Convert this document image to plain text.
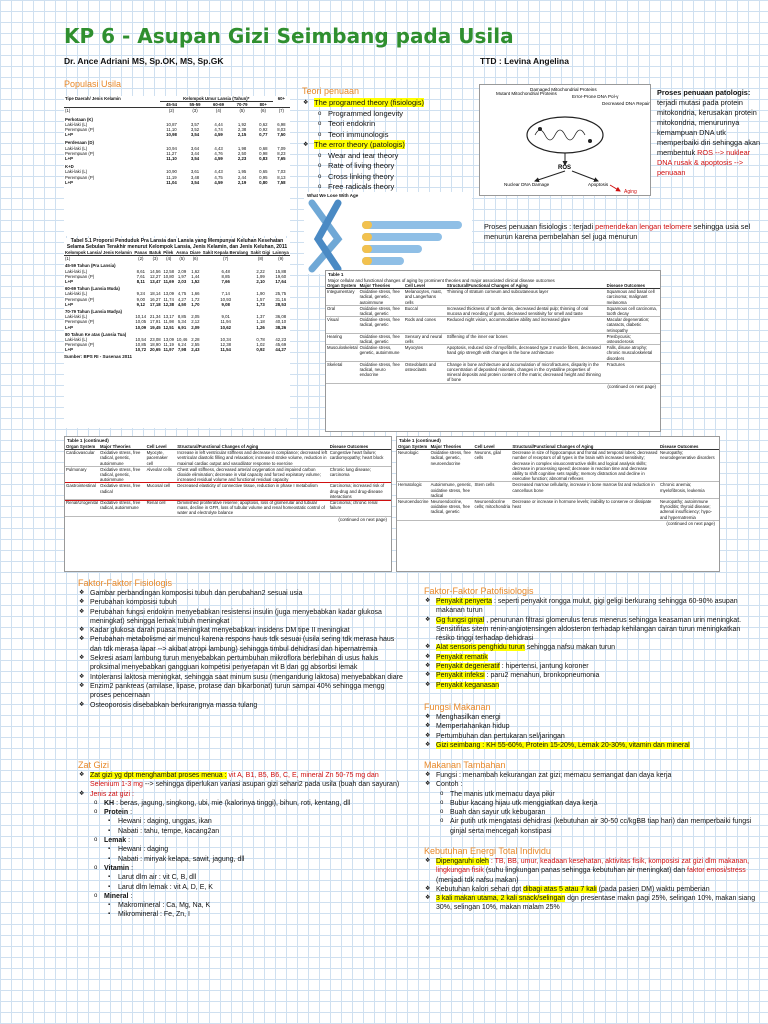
KP 6 - Asupan Gizi Seimbang pada Usila
Dr. Ance Adriani MS, Sp.OK, MS, Sp.GK	TTD : Levina Angelina
Populasi Usila
Tipe Daerah/ Jenis Kelamin	Kelompok Umur Lansia (Tahun)*					60+
	45-54	55-59	60-69	70-79	80+	
(1)	(2)	(3)	(4)	(5)	(6)	(7)
Perkotaan (K)						
Laki-laki (L)	10,87	3,57	4,44	1,92	0,62	6,98
Perempuan (P)	11,10	3,52	4,74	2,38	0,92	8,03
L+P	10,98	3,54	4,59	2,15	0,77	7,50
Perdesaan (D)						
Laki-laki (L)	10,94	3,64	4,43	1,98	0,68	7,09
Perempuan (P)	11,27	3,44	4,76	2,50	0,98	8,23
L+P	11,10	3,54	4,59	2,23	0,83	7,65
K+D						
Laki-laki (L)	10,90	3,61	4,43	1,95	0,65	7,03
Perempuan (P)	11,19	3,48	4,75	2,44	0,95	8,13
L+P	11,04	3,54	4,59	2,19	0,80	7,58
Tabel 5.1 Proporsi Penduduk Pra Lansia dan Lansia yang Mempunyai Keluhan Kesehatan Selama Sebulan Terakhir menurut Kelompok Lansia, Jenis Kelamin, dan Jenis Keluhan, 2011
Kelompok Lansia/ Jenis Kelamin	Panas	Batuk	Pilek	Asma	Diare	Sakit Kepala Berulang	Sakit Gigi	Lainnya
(1)	(2)	(3)	(4)	(5)	(6)	(7)	(8)	(9)
45-59 Tahun (Pra Lansia)								
Laki-laki (L)	8,61	14,56	12,58	2,09	1,62	6,48	2,22	15,88
Perempuan (P)	7,61	12,27	10,80	1,97	1,44	8,85	1,99	19,60
L+P	8,11	13,47	11,69	2,03	1,52	7,66	2,10	17,64
60-69 Tahun (Lansia Muda)								
Laki-laki (L)	9,24	18,14	13,09	4,75	1,66	7,14	1,90	25,75
Perempuan (P)	9,00	16,27	11,74	4,27	1,72	10,93	1,57	31,16
L+P	9,12	17,18	12,38	4,50	1,70	9,08	1,73	28,53
70-79 Tahun (Lansia Madya)								
Laki-laki (L)	10,14	21,34	13,17	8,85	2,05	9,01	1,37	36,08
Perempuan (P)	10,05	17,91	11,98	5,34	2,12	11,94	1,18	40,10
L+P	10,09	19,45	12,51	6,91	2,09	10,62	1,26	38,26
80 Tahun Ke atas (Lansia Tua)								
Laki-laki (L)	10,54	23,08	13,09	10,46	2,28	10,34	0,78	42,23
Perempuan (P)	10,85	18,90	11,19	6,24	2,55	12,38	1,02	45,69
L+P	10,72	20,65	11,97	7,98	2,43	11,54	0,92	44,27
Sumber: BPS RI - Susenas 2011
Teori penuaan
❖ The programed theory (fisiologis)
o Programmed longevity
o Teori endokrin
o Teori immunologis
❖ The error theory (patologis)
o Wear and tear theory
o Rate of living theory
o Cross linking theory
o Free radicals theory
What We Lose With Age
Mutant Mitochondrial Proteins
Damaged Mitochondrial Proteins
Error-Prone DNA Pol-γ
Decreased DNA Repair
ROS
Nuclear DNA Damage	Apoptosis
Aging
Proses penuaan patologis: terjadi mutasi pada protein mitokondria, kerusakan protein mitokondria, menurunnya kemampuan DNA utk memperbaiki diri sehingga akan membentuk ROS --> nuklear DNA rusak & apoptosis --> penuaan
Proses penuaan fisiologis : terjadi pemendekan lengan telomere sehingga usia sel menurun karena pembelahan sel juga menurun
Table 1
Major cellular and functional changes of aging by prominent theories and major associated clinical disease outcomes
Organ System	Major Theories	Cell Level	Structural/Functional Changes of Aging	Disease Outcomes
Integumentary	Oxidative stress, free radical, genetic, autoimmune	Melanocytes, mast, and Langerhans cells	Thinning of stratum corneum and subcutaneous layer	Squamous and basal cell carcinoma; malignant melanoma
Oral	Oxidative stress, free radical, genetic	Buccal	Increased thickness of tooth dentin, decreased dental pulp; thinning of oral mucosa and receding of gums, decreased sensitivity for smell and taste	Squamous cell carcinoma, tooth decay
Visual	Oxidative stress, free radical, genetic	Rods and cones	Reduced night vision, accommodative ability and increased glare	Macular degeneration; cataracts, diabetic retinopathy
Hearing	Oxidative stress, free radical, genetic	Sensory and neural cells	Stiffening of the inner ear bones	Presbycusis; osteosclerosis
Musculoskeletal	Oxidative stress, genetic, autoimmune	Myocytes	Apoptosis, reduced size of myofibrils, decreased type 2 muscle fibers, decreased hand grip strength with changes in the bone architecture	Falls, disuse atrophy; chronic musculoskeletal disorders
Skeletal	Oxidative stress, free radical, neuro endocrine	Osteoblasts and osteoclasts	Change in bone architecture and accumulation of microfractures, disparity in the concentration of deposited minerals, changes in the crystalline properties of mineral deposits and protein content of the matrix; decreased height and thinning of bone	Fractures
(continued on next page)
Table 1 (continued)
Organ System	Major Theories	Cell Level	Structural/Functional Changes of Aging	Disease Outcomes
Cardiovascular	Oxidative stress, free radical, genetic, autoimmune	Myocyte, pacemaker cell	Increase in left ventricular stiffness and decrease in compliance; decreased left ventricular diastolic filling and relaxation; increased stroke volume, reduction in maximal cardiac output and vasodilator response to exercise	Congestive heart failure; cardiomyopathy; heart block
Pulmonary	Oxidative stress, free radical, genetic, autoimmune	Alveolar cells	Chest wall stiffness, decreased arterial oxygenation and impaired carbon dioxide elimination; decrease in vital capacity and forced expiratory volume; increased residual volume and functional residual capacity	Chronic lung disease; carcinoma
Gastrointestinal	Oxidative stress, free radical	Mucosal cell	Decreased elasticity of connective tissue, reduction in phase I metabolism	Carcinoma; increased risk of drug-drug and drug-disease interactions
Renal/Urogenital	Oxidative stress, free radical, autoimmune	Renal cell	Diminished proliferative reserve; apoptosis, loss of glomerular and tubular mass, decline in GFR, loss of tubular volume and renal homeostatic control of water and electrolyte balance	Carcinoma; chronic renal failure
(continued on next page)
Table 1 (continued)
Organ System	Major Theories	Cell Level	Structural/Functional Changes of Aging	Disease Outcomes
Neurologic	Oxidative stress, free radical, genetic, neuroendocrine	Neurons, glial cells	Decrease in size of hippocampus and frontal and temporal lobes; decreased number of receptors of all types in the brain with increased sensitivity; decrease in complex visuoconstructive skills and logical analysis skills; decrease in processing speed; decrease in reaction time and decrease ability to shift cognitive sets rapidly; memory distraction and decline in executive function; abnormal reflexes	Neuropathy; neurodegenerative disorders
Hematologic	Autoimmune, genetic, oxidative stress, free radical	Stem cells	Decreased marrow cellularity, increase in bone marrow fat and reduction in cancellous bone	Chronic anemia; myelofibrosis, leukemia
Neuroendocrine	Neuroendocrine, oxidative stress, free radical, genetic	Neuroendocrine cells; mitochondria	Decrease or increase in hormone levels; inability to conserve or dissipate heat	Neuropathy; autoimmune thyroiditis; thyroid disease; adrenal insufficiency; hypo- and hypernatremia
(continued on next page)
Faktor-Faktor Fisiologis
❖ Gambar perbandingan komposisi tubuh dan perubahan2 sesuai usia
❖ Perubahan komposisi tubuh
❖ Perubahan fungsi endokrin menyebabkan resistensi insulin (juga menyebabkan kadar glukosa meningkat) sehingga lemak tubuh meningkat
❖ Kadar glukosa darah puasa meningkat menyebabkan insidens DM tipe II meningkat
❖ Perubahan metabolisme air muncul karena respons haus tdk sesuai (usila sering tdk merasa haus dan tdk merasa lapar --> akibat atropi lambung) sehingga timbul dehidrasi dan hipernatremia
❖ Sekresi asam lambung turun menyebabkan pertumbuhan mikroflora berlebihan di usus halus proksimal menyebabkan gangguan kompetisi penyerapan vit B dan gg absorbsi lemak
❖ Intoleransi laktosa meningkat, sehingga saat minum susu (mengandung laktosa) menyebabkan diare
❖ Enzim2 pankreas (amilase, lipase, protase dan bikarbonat) turun sampai 40% sehingga mengg proses pencernaan
❖ Osteoporosis disebabkan berkurangnya massa tulang
Zat Gizi
❖ Zat gizi yg dpt menghambat proses menua : vit A, B1, B5, B6, C, E, mineral Zn 50-75 mg dan Selenium 1-3 mg --> sehingga diperlukan variasi asupan gizi sehari2 pada usila (buah dan sayuran)
❖ Jenis zat gizi :
o KH : beras, jagung, singkong, ubi, mie (kalorinya tinggi), bihun, roti, kentang, dll
o Protein :
▪ Hewani : daging, unggas, ikan
▪ Nabati : tahu, tempe, kacang2an
o Lemak :
▪ Hewani : daging
▪ Nabati : minyak kelapa, sawit, jagung, dll
o Vitamin :
▪ Larut dlm air : vit C, B, dll
▪ Larut dlm lemak : vit A, D, E, K
o Mineral :
▪ Makromineral : Ca, Mg, Na, K
▪ Mikromineral : Fe, Zn, I
Faktor-Faktor Patofisiologis
❖ Penyakit penyerta : seperti penyakit rongga mulut, gigi geligi berkurang sehingga 60-90% asupan makanan turun
❖ Gg fungsi ginjal , penurunan filtrasi glomerulus terus menerus sehingga keasaman urin meningkat. Sensitifitas sitem renin-angiotensingen aldosteron terhadap kehilangan cairan turun meningkatkan resiko tinggi terhadap dehidrasi
❖ Alat sensoris penghidu turun sehingga nafsu makan turun
❖ Penyakit rematik
❖ Penyakit degeneratif : hipertensi, jantung koroner
❖ Penyakit infeksi : paru2 menahun, bronkopneumonia
❖ Penyakit keganasan
Fungsi Makanan
❖ Menghasilkan energi
❖ Mempertahankan hidup
❖ Pertumbuhan dan pertukaran sel/jaringan
❖ Gizi seimbang : KH 55-60%, Protein 15-20%, Lemak 20-30%, vitamin dan mineral
Makanan Tambahan
❖ Fungsi : menambah kekurangan zat gizi; memacu semangat dan daya kerja
❖ Contoh :
o The manis utk memacu daya pikir
o Bubur kacang hijau utk menggiatkan daya kerja
o Buah dan sayur utk kebugaran
o Air putih utk mengatasi dehidrasi (kebutuhan air 30-50 cc/kgBB tiap hari) dan memperbaiki fungsi ginjal serta mencegah konstipasi
Kebutuhan Energi Total Individu
❖ Dipengaruhi oleh : TB, BB, umur, keadaan kesehatan, aktivitas fisik, komposisi zat gizi dlm makanan, lingkungan fisik (suhu lingkungan panas sehingga kebutuhan air meningkat) dan faktor emosi/stress (menjadi tdk nafsu makan)
❖ Kebutuhan kalori sehari dpt dibagi atas 5 atau 7 kali (pada pasien DM) waktu pemberian
❖ 3 kali makan utama, 2 kali snack/selingan dgn presentase makn pagi 25%, selingan 10%, makan siang 30%, selingan 10%, makan malam 25%
